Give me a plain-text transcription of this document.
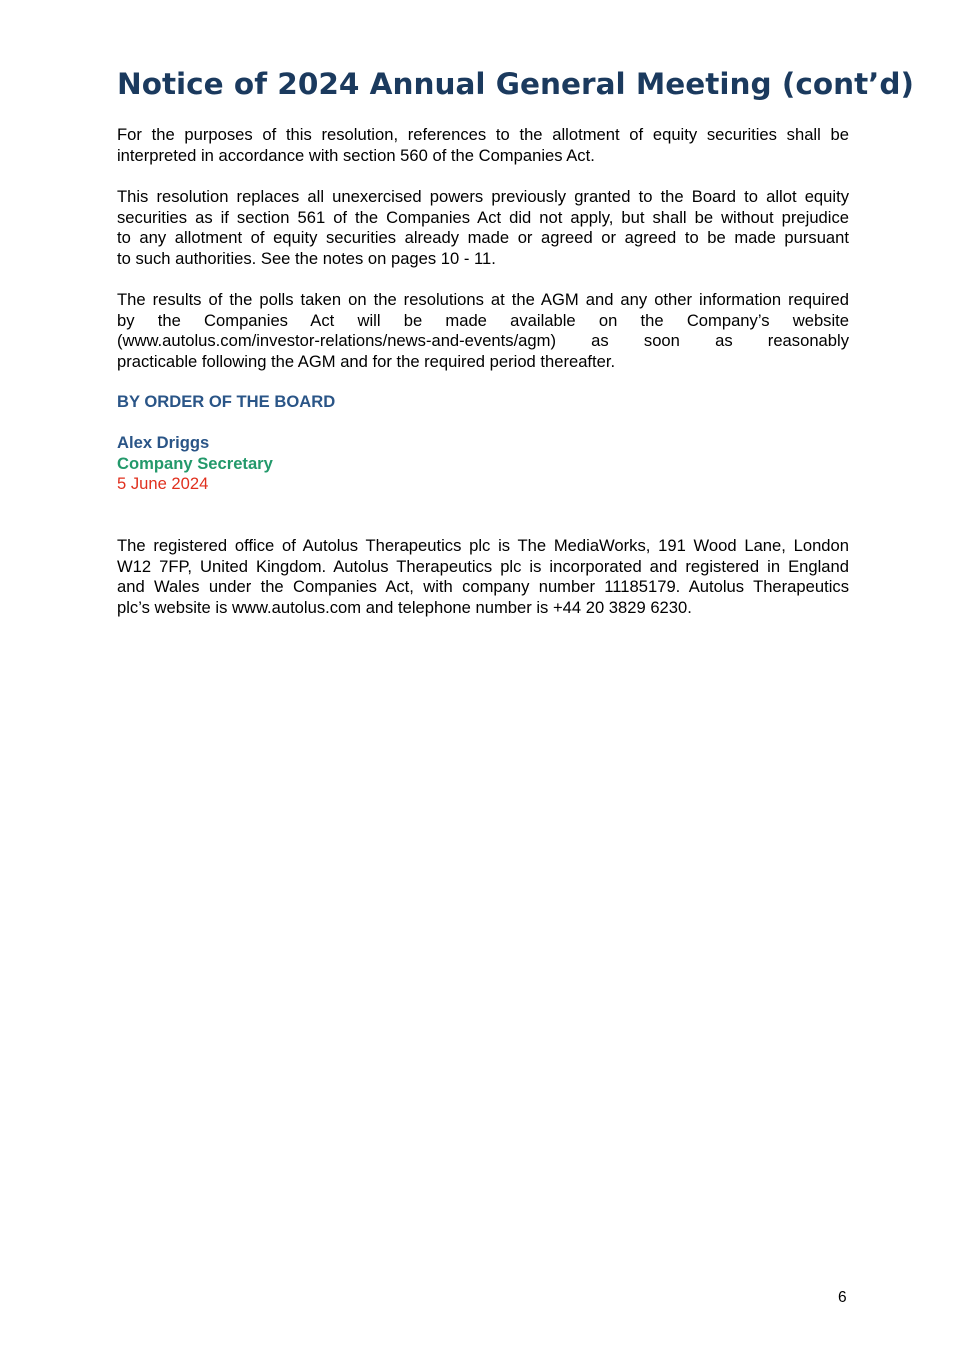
Notice of 2024 Annual General Meeting (cont’d)

For the purposes of this resolution, references to the allotment of equity securities shall be
interpreted in accordance with section 560 of the Companies Act.

This resolution replaces all unexercised powers previously granted to the Board to allot equity
securities as if section 561 of the Companies Act did not apply, but shall be without prejudice
to any allotment of equity securities already made or agreed or agreed to be made pursuant
to such authorities. See the notes on pages 10 - 11.

The results of the polls taken on the resolutions at the AGM and any other information required
by the Companies Act will be made available on the Company’s website
(www.autolus.com/investor-relations/news-and-events/agm) as soon as reasonably
practicable following the AGM and for the required period thereafter.

BY ORDER OF THE BOARD

Alex Driggs
Company Secretary
5 June 2024

The registered office of Autolus Therapeutics plc is The MediaWorks, 191 Wood Lane, London
W12 7FP, United Kingdom. Autolus Therapeutics plc is incorporated and registered in England
and Wales under the Companies Act, with company number 11185179. Autolus Therapeutics
plc’s website is www.autolus.com and telephone number is +44 20 3829 6230.

6
